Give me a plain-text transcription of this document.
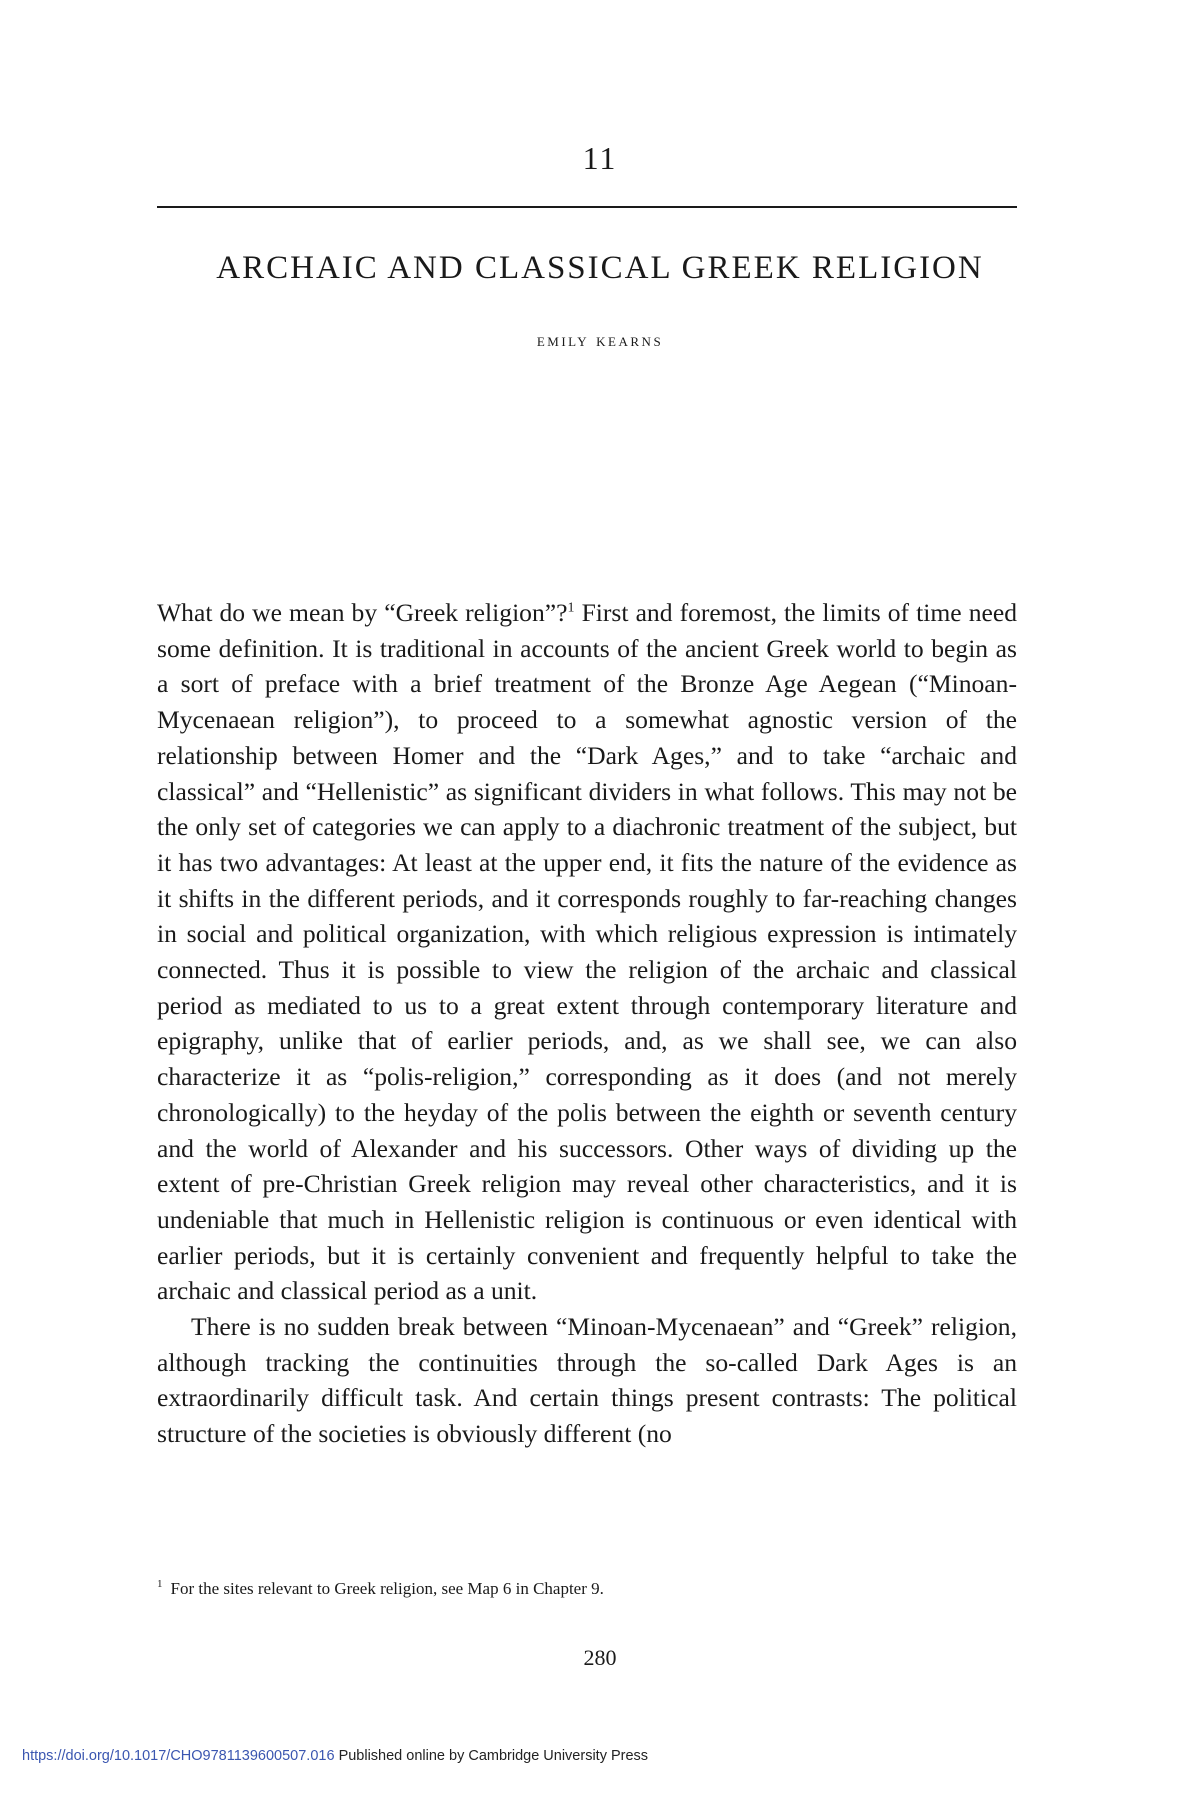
11
ARCHAIC AND CLASSICAL GREEK RELIGION
emily kearns

What do we mean by “Greek religion”?$^1$ First and foremost, the limits of time need some definition. It is traditional in accounts of the ancient Greek world to begin as a sort of preface with a brief treatment of the Bronze Age Aegean (“Minoan-Mycenaean religion”), to proceed to a somewhat agnostic version of the relationship between Homer and the “Dark Ages,” and to take “archaic and classical” and “Hellenistic” as significant dividers in what follows. This may not be the only set of categories we can apply to a diachronic treatment of the subject, but it has two advantages: At least at the upper end, it fits the nature of the evidence as it shifts in the different periods, and it corresponds roughly to far-reaching changes in social and political organization, with which religious expression is intimately connected. Thus it is possible to view the religion of the archaic and classical period as mediated to us to a great extent through contemporary literature and epigraphy, unlike that of earlier periods, and, as we shall see, we can also characterize it as “polis-religion,” corresponding as it does (and not merely chronologically) to the heyday of the polis between the eighth or seventh century and the world of Alexander and his successors. Other ways of dividing up the extent of pre-Christian Greek religion may reveal other characteristics, and it is undeniable that much in Hellenistic religion is continuous or even identical with earlier periods, but it is certainly convenient and frequently helpful to take the archaic and classical period as a unit.

There is no sudden break between “Minoan-Mycenaean” and “Greek” religion, although tracking the continuities through the so-called Dark Ages is an extraordinarily difficult task. And certain things present contrasts: The political structure of the societies is obviously different (no

$^1$ For the sites relevant to Greek religion, see Map 6 in Chapter 9.
280
https://doi.org/10.1017/CHO9781139600507.016 Published online by Cambridge University Press
